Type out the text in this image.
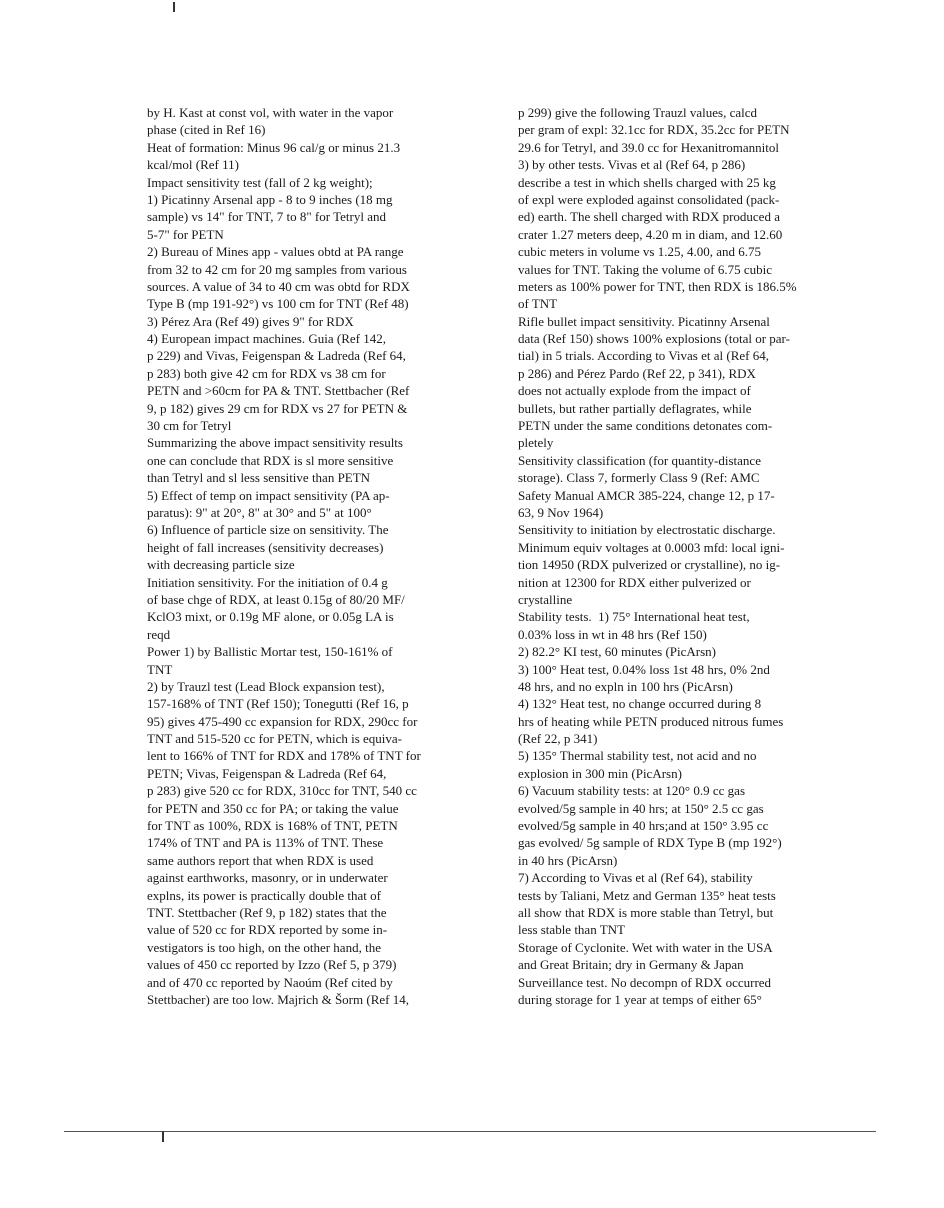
by H. Kast at const vol, with water in the vapor
phase (cited in Ref 16)
Heat of formation: Minus 96 cal/g or minus 21.3
kcal/mol (Ref 11)
Impact sensitivity test (fall of 2 kg weight);
1) Picatinny Arsenal app - 8 to 9 inches (18 mg
sample) vs 14" for TNT, 7 to 8" for Tetryl and
5-7" for PETN
2) Bureau of Mines app - values obtd at PA range
from 32 to 42 cm for 20 mg samples from various
sources. A value of 34 to 40 cm was obtd for RDX
Type B (mp 191-92°) vs 100 cm for TNT (Ref 48)
3) Pérez Ara (Ref 49) gives 9" for RDX
4) European impact machines. Guia (Ref 142,
p 229) and Vivas, Feigenspan & Ladreda (Ref 64,
p 283) both give 42 cm for RDX vs 38 cm for
PETN and >60cm for PA & TNT. Stettbacher (Ref
9, p 182) gives 29 cm for RDX vs 27 for PETN &
30 cm for Tetryl
Summarizing the above impact sensitivity results
one can conclude that RDX is sl more sensitive
than Tetryl and sl less sensitive than PETN
5) Effect of temp on impact sensitivity (PA ap-
paratus): 9" at 20°, 8" at 30° and 5" at 100°
6) Influence of particle size on sensitivity. The
height of fall increases (sensitivity decreases)
with decreasing particle size
Initiation sensitivity. For the initiation of 0.4 g
of base chge of RDX, at least 0.15g of 80/20 MF/
KclO3 mixt, or 0.19g MF alone, or 0.05g LA is
reqd
Power 1) by Ballistic Mortar test, 150-161% of
TNT
2) by Trauzl test (Lead Block expansion test),
157-168% of TNT (Ref 150); Tonegutti (Ref 16, p
95) gives 475-490 cc expansion for RDX, 290cc for
TNT and 515-520 cc for PETN, which is equiva-
lent to 166% of TNT for RDX and 178% of TNT for
PETN; Vivas, Feigenspan & Ladreda (Ref 64,
p 283) give 520 cc for RDX, 310cc for TNT, 540 cc
for PETN and 350 cc for PA; or taking the value
for TNT as 100%, RDX is 168% of TNT, PETN
174% of TNT and PA is 113% of TNT. These
same authors report that when RDX is used
against earthworks, masonry, or in underwater
explns, its power is practically double that of
TNT. Stettbacher (Ref 9, p 182) states that the
value of 520 cc for RDX reported by some in-
vestigators is too high, on the other hand, the
values of 450 cc reported by Izzo (Ref 5, p 379)
and of 470 cc reported by Naoúm (Ref cited by
Stettbacher) are too low. Majrich & Šorm (Ref 14,
p 299) give the following Trauzl values, calcd
per gram of expl: 32.1cc for RDX, 35.2cc for PETN
29.6 for Tetryl, and 39.0 cc for Hexanitromannitol
3) by other tests. Vivas et al (Ref 64, p 286)
describe a test in which shells charged with 25 kg
of expl were exploded against consolidated (pack-
ed) earth. The shell charged with RDX produced a
crater 1.27 meters deep, 4.20 m in diam, and 12.60
cubic meters in volume vs 1.25, 4.00, and 6.75
values for TNT. Taking the volume of 6.75 cubic
meters as 100% power for TNT, then RDX is 186.5%
of TNT
Rifle bullet impact sensitivity. Picatinny Arsenal
data (Ref 150) shows 100% explosions (total or par-
tial) in 5 trials. According to Vivas et al (Ref 64,
p 286) and Pérez Pardo (Ref 22, p 341), RDX
does not actually explode from the impact of
bullets, but rather partially deflagrates, while
PETN under the same conditions detonates com-
pletely
Sensitivity classification (for quantity-distance
storage). Class 7, formerly Class 9 (Ref: AMC
Safety Manual AMCR 385-224, change 12, p 17-
63, 9 Nov 1964)
Sensitivity to initiation by electrostatic discharge.
Minimum equiv voltages at 0.0003 mfd: local igni-
tion 14950 (RDX pulverized or crystalline), no ig-
nition at 12300 for RDX either pulverized or
crystalline
Stability tests.  1) 75° International heat test,
0.03% loss in wt in 48 hrs (Ref 150)
2) 82.2° KI test, 60 minutes (PicArsn)
3) 100° Heat test, 0.04% loss 1st 48 hrs, 0% 2nd
48 hrs, and no expln in 100 hrs (PicArsn)
4) 132° Heat test, no change occurred during 8
hrs of heating while PETN produced nitrous fumes
(Ref 22, p 341)
5) 135° Thermal stability test, not acid and no
explosion in 300 min (PicArsn)
6) Vacuum stability tests: at 120° 0.9 cc gas
evolved/5g sample in 40 hrs; at 150° 2.5 cc gas
evolved/5g sample in 40 hrs;and at 150° 3.95 cc
gas evolved/ 5g sample of RDX Type B (mp 192°)
in 40 hrs (PicArsn)
7) According to Vivas et al (Ref 64), stability
tests by Taliani, Metz and German 135° heat tests
all show that RDX is more stable than Tetryl, but
less stable than TNT
Storage of Cyclonite. Wet with water in the USA
and Great Britain; dry in Germany & Japan
Surveillance test. No decompn of RDX occurred
during storage for 1 year at temps of either 65°
